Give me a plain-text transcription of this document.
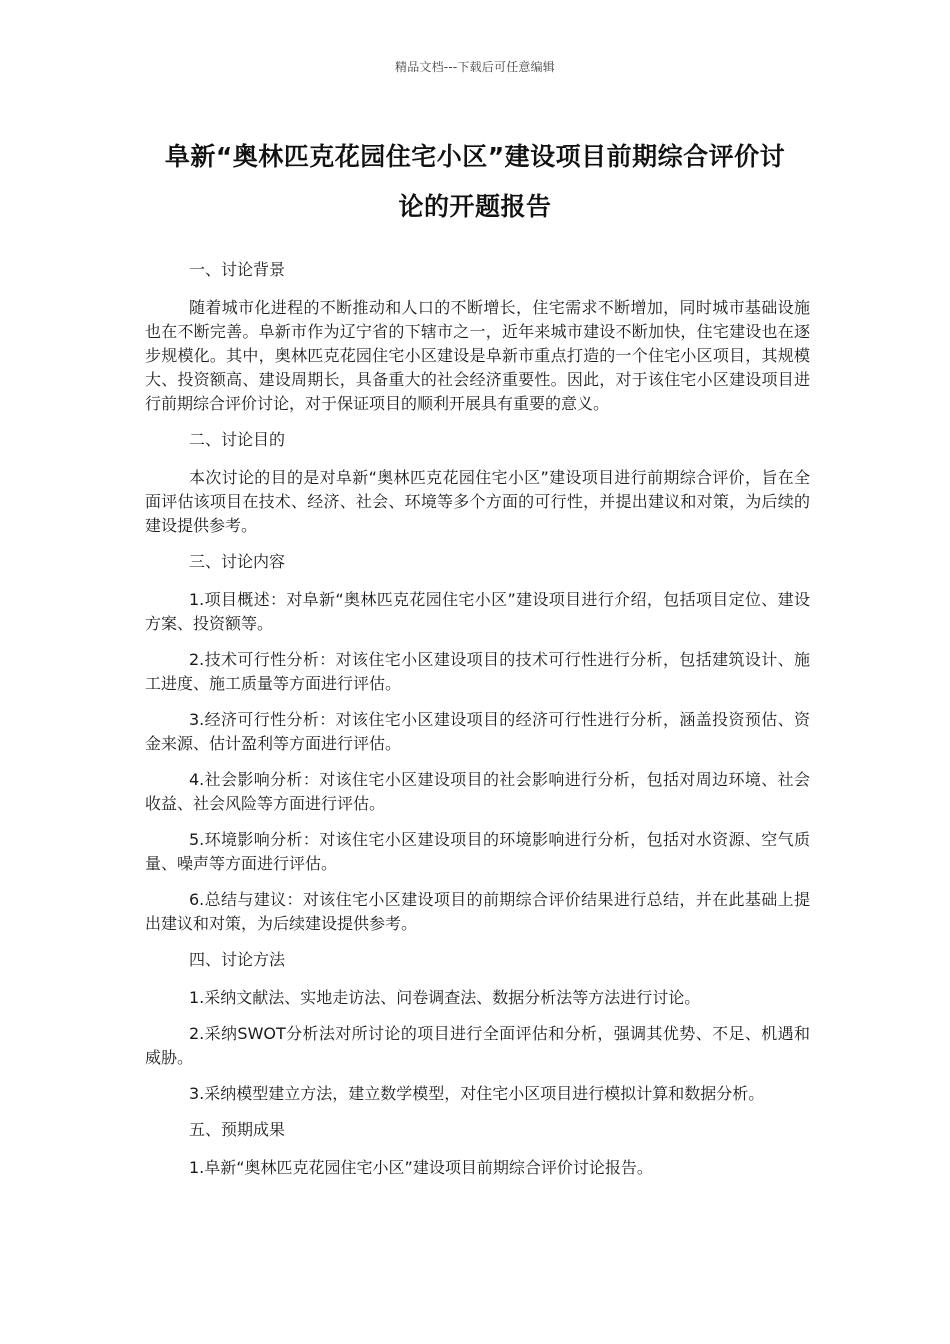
精品文档---下载后可任意编辑
阜新“奥林匹克花园住宅小区”建设项目前期综合评价讨
论的开题报告

一、讨论背景

随着城市化进程的不断推动和人口的不断增长，住宅需求不断增加，同时城市基础设施也在不断完善。阜新市作为辽宁省的下辖市之一，近年来城市建设不断加快，住宅建设也在逐步规模化。其中，奥林匹克花园住宅小区建设是阜新市重点打造的一个住宅小区项目，其规模大、投资额高、建设周期长，具备重大的社会经济重要性。因此，对于该住宅小区建设项目进行前期综合评价讨论，对于保证项目的顺利开展具有重要的意义。

二、讨论目的

本次讨论的目的是对阜新“奥林匹克花园住宅小区”建设项目进行前期综合评价，旨在全面评估该项目在技术、经济、社会、环境等多个方面的可行性，并提出建议和对策，为后续的建设提供参考。

三、讨论内容

1.项目概述：对阜新“奥林匹克花园住宅小区”建设项目进行介绍，包括项目定位、建设方案、投资额等。

2.技术可行性分析：对该住宅小区建设项目的技术可行性进行分析，包括建筑设计、施工进度、施工质量等方面进行评估。

3.经济可行性分析：对该住宅小区建设项目的经济可行性进行分析，涵盖投资预估、资金来源、估计盈利等方面进行评估。

4.社会影响分析：对该住宅小区建设项目的社会影响进行分析，包括对周边环境、社会收益、社会风险等方面进行评估。

5.环境影响分析：对该住宅小区建设项目的环境影响进行分析，包括对水资源、空气质量、噪声等方面进行评估。

6.总结与建议：对该住宅小区建设项目的前期综合评价结果进行总结，并在此基础上提出建议和对策，为后续建设提供参考。

四、讨论方法

1.采纳文献法、实地走访法、问卷调查法、数据分析法等方法进行讨论。

2.采纳SWOT分析法对所讨论的项目进行全面评估和分析，强调其优势、不足、机遇和威胁。

3.采纳模型建立方法，建立数学模型，对住宅小区项目进行模拟计算和数据分析。

五、预期成果

1.阜新“奥林匹克花园住宅小区”建设项目前期综合评价讨论报告。
